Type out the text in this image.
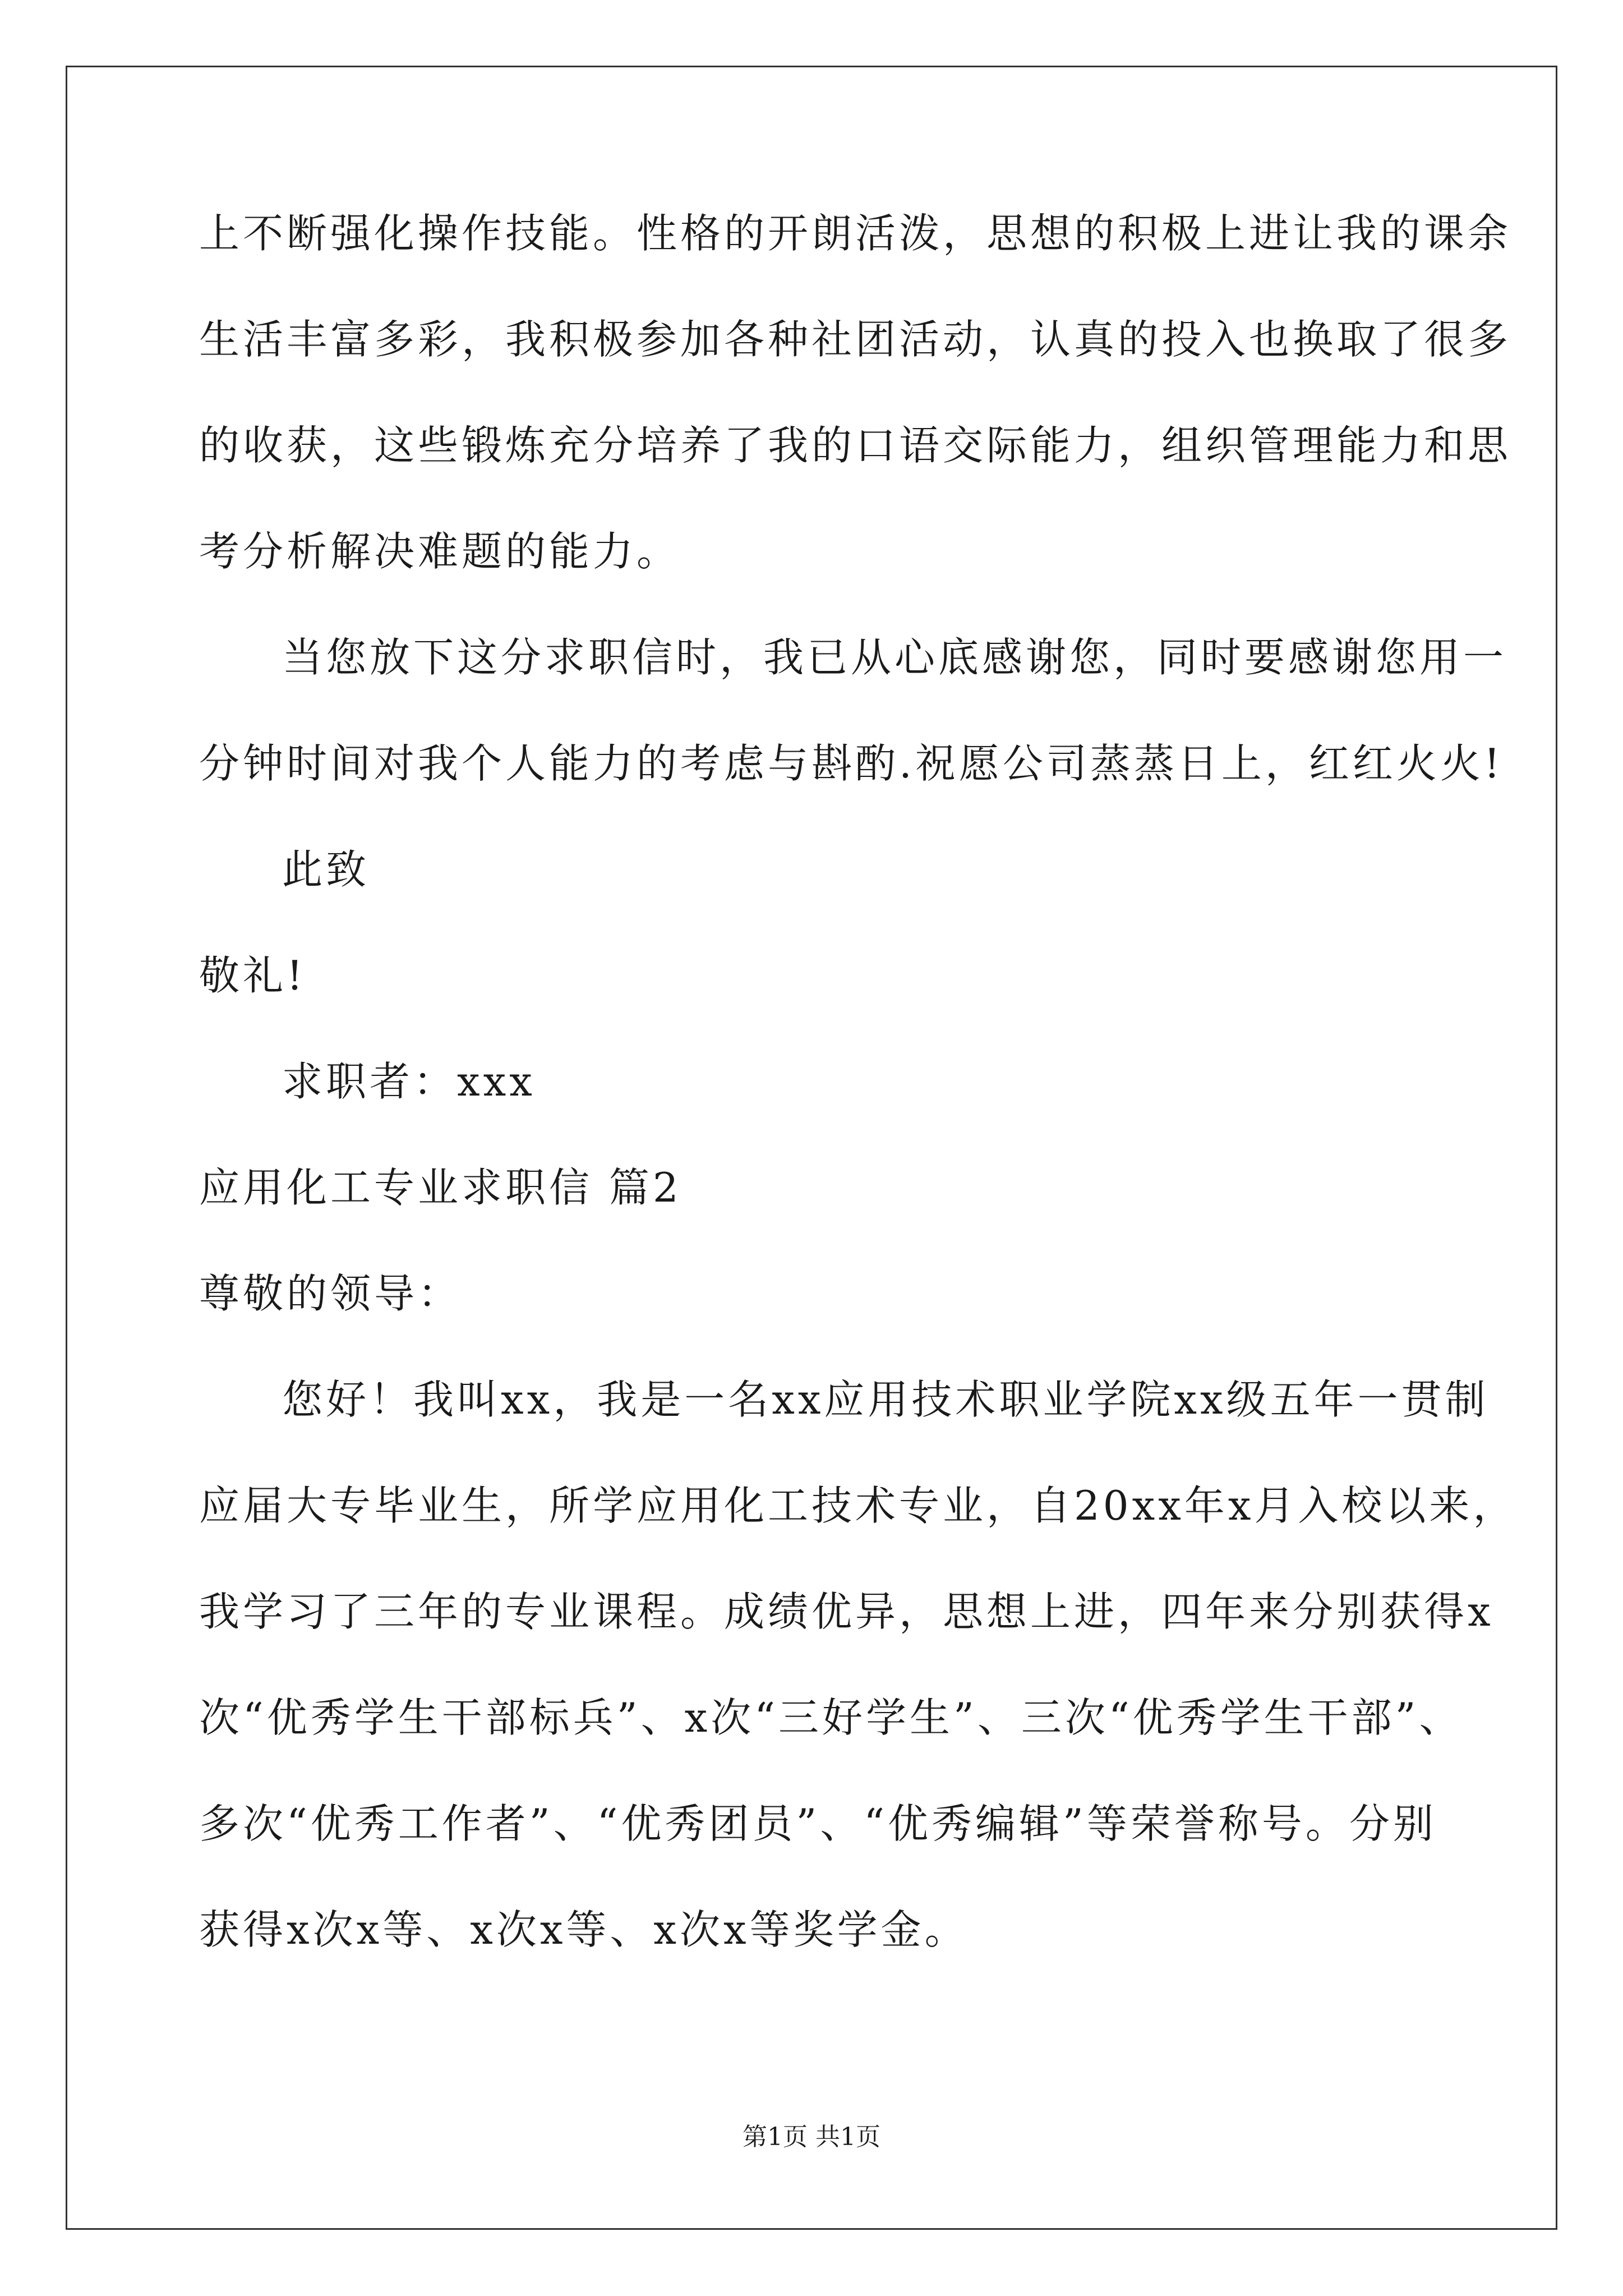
上不断强化操作技能。性格的开朗活泼，思想的积极上进让我的课余
生活丰富多彩，我积极参加各种社团活动，认真的投入也换取了很多
的收获，这些锻炼充分培养了我的口语交际能力，组织管理能力和思
考分析解决难题的能力。
当您放下这分求职信时，我已从心底感谢您，同时要感谢您用一
分钟时间对我个人能力的考虑与斟酌.祝愿公司蒸蒸日上，红红火火!
此致
敬礼!
求职者：xxx
应用化工专业求职信 篇2
尊敬的领导：
您好！我叫xx，我是一名xx应用技术职业学院xx级五年一贯制
应届大专毕业生，所学应用化工技术专业，自20xx年x月入校以来，
我学习了三年的专业课程。成绩优异，思想上进，四年来分别获得x
次“优秀学生干部标兵”、x次“三好学生”、三次“优秀学生干部”、
多次“优秀工作者”、“优秀团员”、“优秀编辑”等荣誉称号。分别
获得x次x等、x次x等、x次x等奖学金。
第1页 共1页
